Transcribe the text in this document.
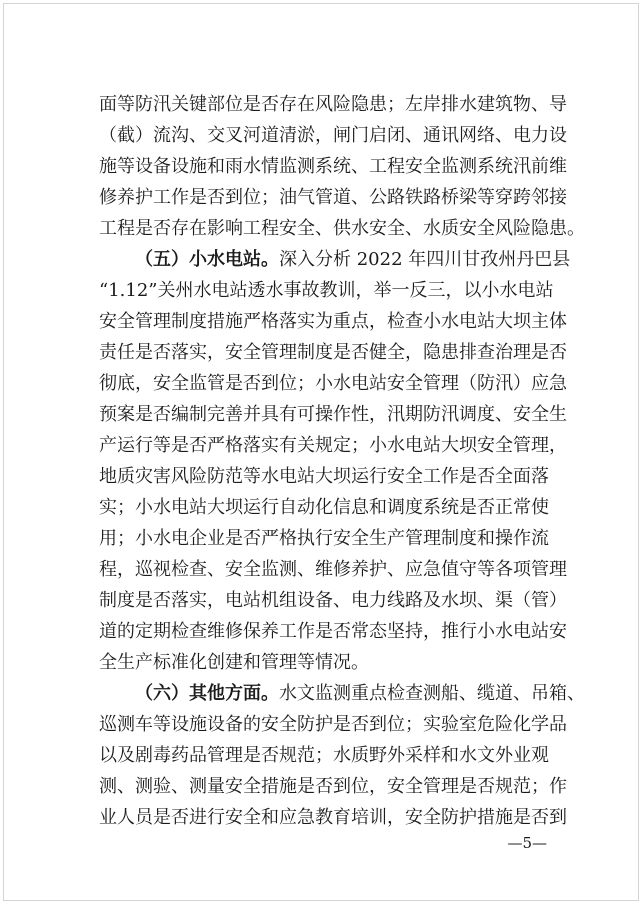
面等防汛关键部位是否存在风险隐患；左岸排水建筑物、导

（截）流沟、交叉河道清淤，闸门启闭、通讯网络、电力设

施等设备设施和雨水情监测系统、工程安全监测系统汛前维

修养护工作是否到位；油气管道、公路铁路桥梁等穿跨邻接

工程是否存在影响工程安全、供水安全、水质安全风险隐患。

（五）小水电站。深入分析 2022 年四川甘孜州丹巴县

“1.12”关州水电站透水事故教训，举一反三，以小水电站

安全管理制度措施严格落实为重点，检查小水电站大坝主体

责任是否落实，安全管理制度是否健全，隐患排查治理是否

彻底，安全监管是否到位；小水电站安全管理（防汛）应急

预案是否编制完善并具有可操作性，汛期防汛调度、安全生

产运行等是否严格落实有关规定；小水电站大坝安全管理，

地质灾害风险防范等水电站大坝运行安全工作是否全面落

实；小水电站大坝运行自动化信息和调度系统是否正常使

用；小水电企业是否严格执行安全生产管理制度和操作流

程，巡视检查、安全监测、维修养护、应急值守等各项管理

制度是否落实，电站机组设备、电力线路及水坝、渠（管）

道的定期检查维修保养工作是否常态坚持，推行小水电站安

全生产标准化创建和管理等情况。

（六）其他方面。水文监测重点检查测船、缆道、吊箱、

巡测车等设施设备的安全防护是否到位；实验室危险化学品

以及剧毒药品管理是否规范；水质野外采样和水文外业观

测、测验、测量安全措施是否到位，安全管理是否规范；作

业人员是否进行安全和应急教育培训，安全防护措施是否到

—5—
